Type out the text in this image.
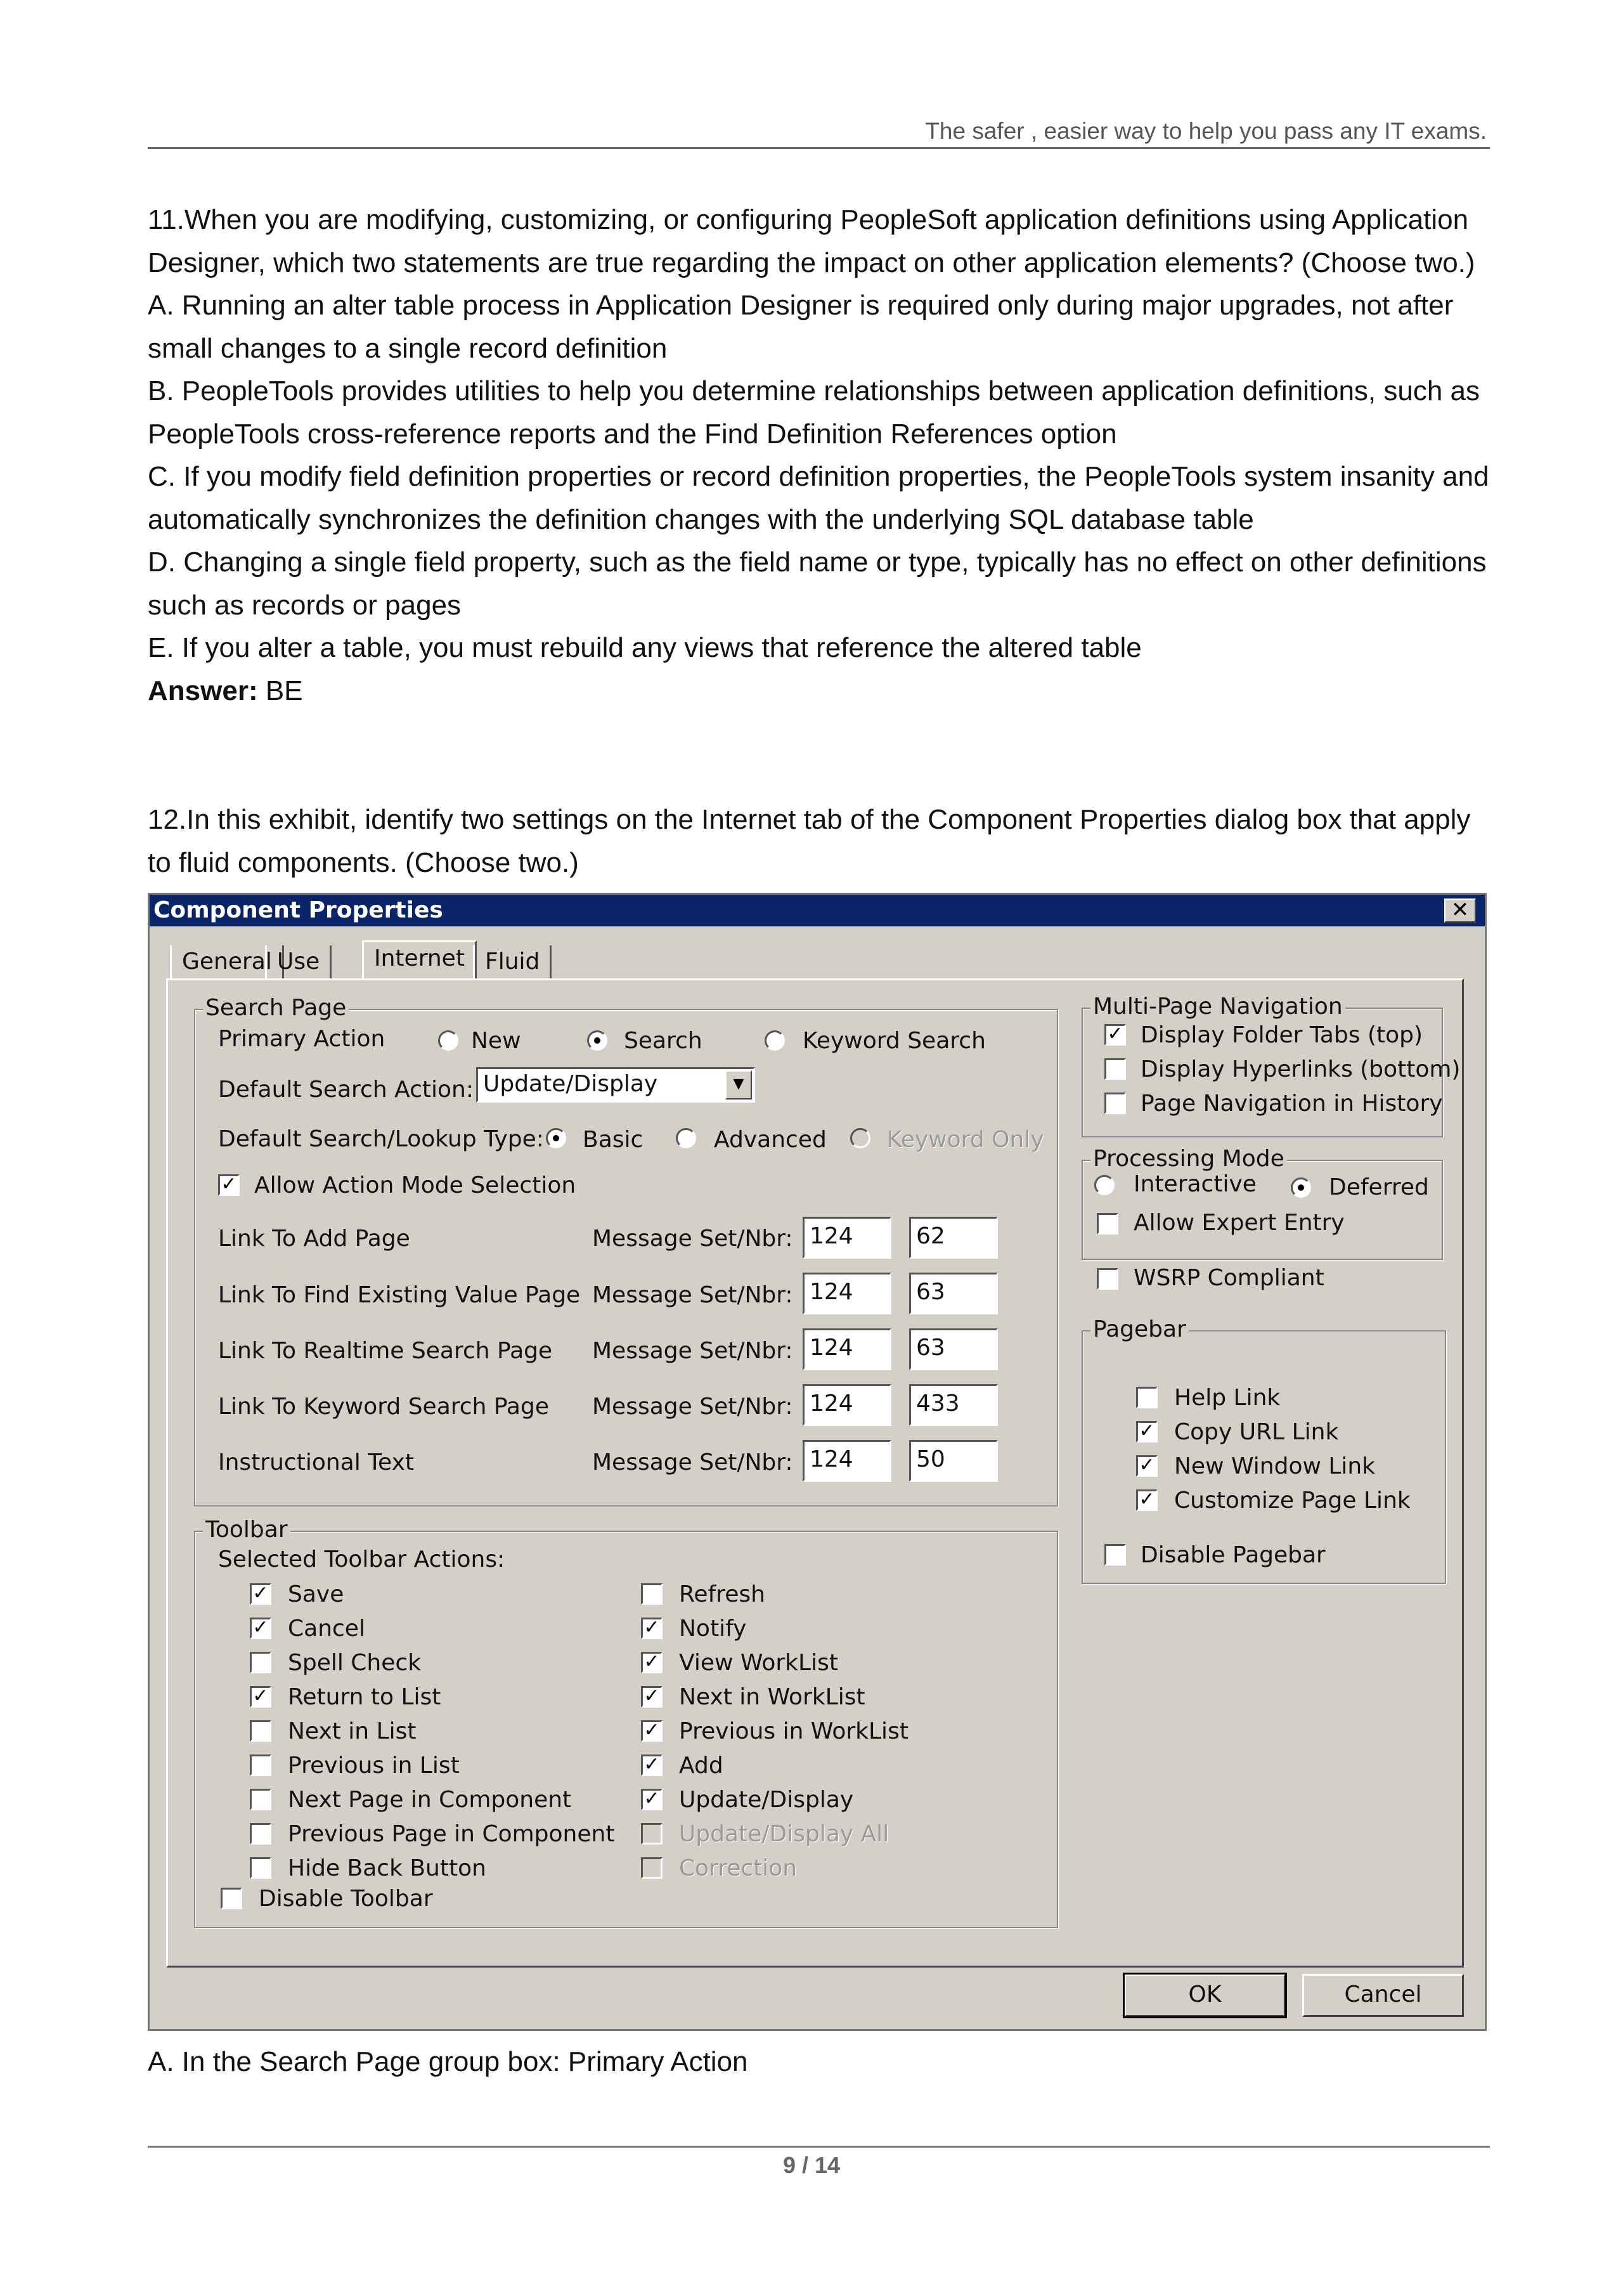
The safer , easier way to help you pass any IT exams.

11.When you are modifying, customizing, or configuring PeopleSoft application definitions using Application Designer, which two statements are true regarding the impact on other application elements? (Choose two.)

A. Running an alter table process in Application Designer is required only during major upgrades, not after small changes to a single record definition

B. PeopleTools provides utilities to help you determine relationships between application definitions, such as PeopleTools cross-reference reports and the Find Definition References option

C. If you modify field definition properties or record definition properties, the PeopleTools system insanity and automatically synchronizes the definition changes with the underlying SQL database table

D. Changing a single field property, such as the field name or type, typically has no effect on other definitions such as records or pages

E. If you alter a table, you must rebuild any views that reference the altered table

Answer: BE

12.In this exhibit, identify two settings on the Internet tab of the Component Properties dialog box that apply to fluid components. (Choose two.)

Component Properties	✕
General Use	Internet Fluid
Search Page
Primary Action	New	Search	Keyword Search
Default Search Action: Update/Display	▼
Default Search/Lookup Type: Basic	Advanced	Keyword Only
✓ Allow Action Mode Selection
Link To Add Page	Message Set/Nbr: 124	62
Link To Find Existing Value Page Message Set/Nbr: 124	63
Link To Realtime Search Page Message Set/Nbr: 124	63
Link To Keyword Search Page Message Set/Nbr: 124	433
Instructional Text	Message Set/Nbr: 124	50
Toolbar
Selected Toolbar Actions:
✓ Save
✓ Cancel
Spell Check
✓ Return to List
Next in List
Previous in List
Next Page in Component
Previous Page in Component
Hide Back Button
Disable Toolbar
Refresh
✓ Notify
✓ View WorkList
✓ Next in WorkList
✓ Previous in WorkList
✓ Add
✓ Update/Display
Update/Display All
Correction
Multi-Page Navigation
✓ Display Folder Tabs (top)
Display Hyperlinks (bottom)
Page Navigation in History
Processing Mode
Interactive	Deferred
Allow Expert Entry
WSRP Compliant
Pagebar
Help Link
✓ Copy URL Link
✓ New Window Link
✓ Customize Page Link
Disable Pagebar
OK	Cancel

A. In the Search Page group box: Primary Action

9 / 14
